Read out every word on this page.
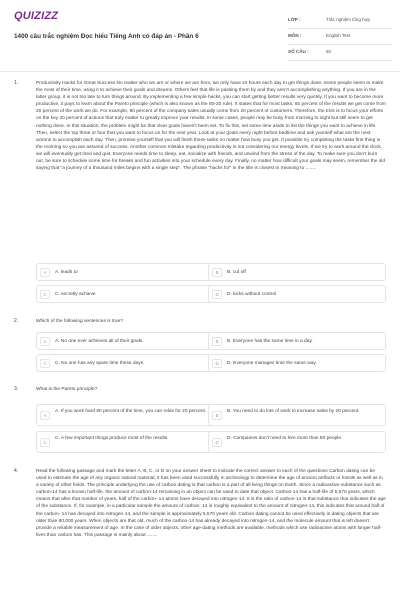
QUIZIZZ
1400 câu trắc nghiệm Đọc hiểu Tiếng Anh có đáp án - Phần 6
LỚP :	Trắc nghiệm tổng hợp
MÔN :	English Test
SỐ CÂU :	50
1.	Productivity Hacks for Great Success No matter who we are or where we are from, we only have 24 hours each day to get things done. Some people seem to make the most of their time, using it to achieve their goals and dreams. Others feel that life is passing them by and they aren't accomplishing anything. If you are in the latter group, it is not too late to turn things around. By implementing a few simple hacks, you can start getting better results very quickly. If you want to become more productive, it pays to learn about the Pareto principle (which is also known as the 80-20 rule). It states that for most tasks, 80 percent of the results we get come from 20 percent of the work we do. For example, 80 percent of the company sales usually come from 20 percent of customers. Therefore, the trick is to focus your efforts on the key 20 percent of actions that truly matter to greatly improve your results. In some cases, people may be busy from morning to night but still seem to get nothing done. In this situation, the problem might be that clear goals haven't been set. To fix this, set some time aside to list the things you want to achieve in life. Then, select the top three or four that you want to focus on for the next year. Look at your goals every night before bedtime and ask yourself what are the next actions to accomplish each day. Then, promise yourself that you will finish these tasks no matter how busy you get. If possible try completing the tasks first thing in the morning so you are assured of success. Another common mistake regarding productivity is not considering our energy levels. If we try to work around the clock, we will eventually get tired and quit. Everyone needs time to sleep, eat, socialize with friends, and unwind from the stress of the day. To make sure you don't burn out, be sure to schedule some time for breaks and fun activities into your schedule every day. Finally, no matter how difficult your goals may seem, remember the old saying that "a journey of a thousand miles begins with a single step". The phrase "hacks for" in the title is closest in meaning to ........
A	A. leads to	B	B. cut off
C	C. secretly achieve	D	D. kicks without control
2.	Which of the following sentences is true?
A	A. No one ever achieves all of their goals.	B	B. Everyone has the same time in a day.
C	C. No one has any spare time these days.	D	D. Everyone manages time the same way.
3.	What is the Pareto principle?
A
A. If you work hard 80 percent of the time, you can relax for 20 percent.
B
B. You need to do lots of work to increase sales by 20 percent.
C
C. A few important things produce most of the results.
D
D. Companies don't need to hire more than 80 people.
4.	Read the following passage and mark the letter A, B, C, or D on your answer sheet to indicate the correct answer to each of the questions Carbon dating can be used to estimate the age of any organic natural material; it has been used successfully in archeology to determine the age of ancient artifacts or fossils as well as in a variety of other fields. The principle underlying the use of carbon dating is that carbon is a part of all living things on Earth. Since a radioactive substance such as carbon-14 has a known half-life, the amount of carbon-14 remaining in an object can be used to date that object. Carbon-14 has a half-life of 5,570 years, which means that after that number of years, half of the carbon- 14 atoms have decayed into nitrogen-14. It is the ratio of carbon-14 in that substance that indicates the age of the substance. If, for example, in a particular sample the amount of carbon- 14 is roughly equivalent to the amount of nitrogen-14, this indicates that around half of the carbon- 14 has decayed into nitrogen-14, and the sample is approximately 5,570 years old. Carbon dating cannot be used effectively in dating objects that are older than 80,000 years. When objects are that old, much of the carbon-14 has already decayed into nitrogen-14, and the molecule amount that is left doesn't provide a reliable measurement of age. In the case of older objects, other age-dating methods are available, methods which use radioactive atoms with longer half-lives than carbon has. This passage is mainly about ........
